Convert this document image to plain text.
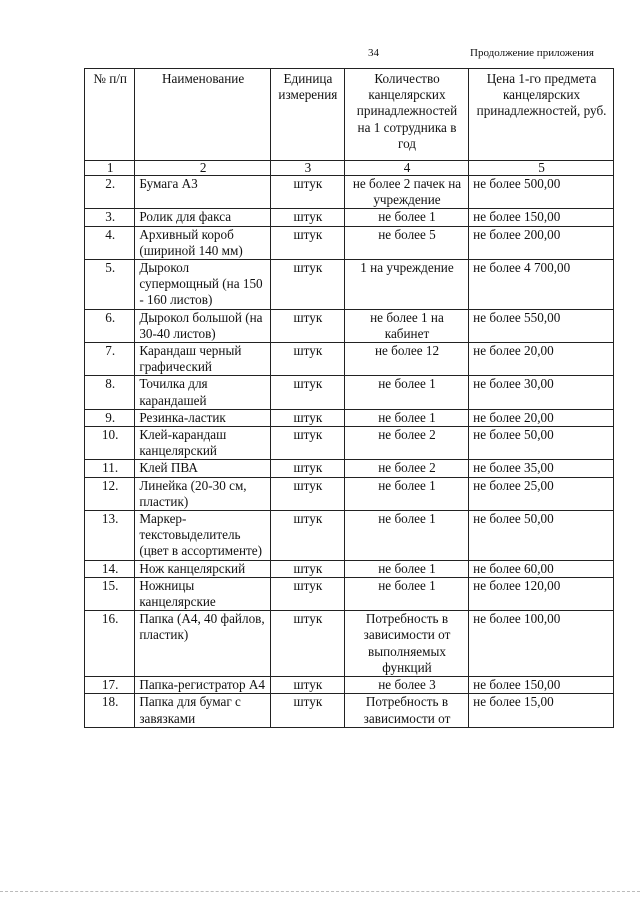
34	Продолжение приложения
№ п/п	Наименование	Единица измерения	Количество канцелярских принадлежностей на 1 сотрудника в год	Цена 1-го предмета канцелярских принадлежностей, руб.
1	2	3	4	5
2.	Бумага А3	штук	не более 2 пачек на учреждение	не более 500,00
3.	Ролик для факса	штук	не более 1	не более 150,00
4.	Архивный короб (шириной 140 мм)	штук	не более 5	не более 200,00
5.	Дырокол супермощный (на 150 - 160 листов)	штук	1 на учреждение	не более 4 700,00
6.	Дырокол большой (на 30-40 листов)	штук	не более 1 на кабинет	не более 550,00
7.	Карандаш черный графический	штук	не более 12	не более 20,00
8.	Точилка для карандашей	штук	не более 1	не более 30,00
9.	Резинка-ластик	штук	не более 1	не более 20,00
10.	Клей-карандаш канцелярский	штук	не более 2	не более 50,00
11.	Клей ПВА	штук	не более 2	не более 35,00
12.	Линейка (20-30 см, пластик)	штук	не более 1	не более 25,00
13.	Маркер-текстовыделитель (цвет в ассортименте)	штук	не более 1	не более 50,00
14.	Нож канцелярский	штук	не более 1	не более 60,00
15.	Ножницы канцелярские	штук	не более 1	не более 120,00
16.	Папка (А4, 40 файлов, пластик)	штук	Потребность в зависимости от выполняемых функций	не более 100,00
17.	Папка-регистратор А4	штук	не более 3	не более 150,00
18.	Папка для бумаг с завязками	штук	Потребность в зависимости от	не более 15,00
